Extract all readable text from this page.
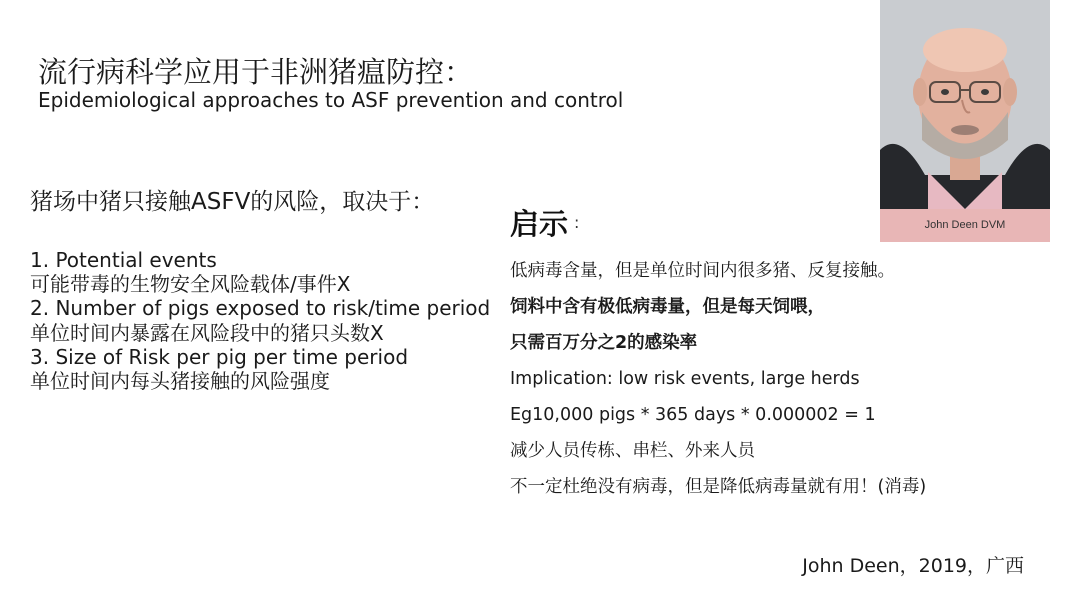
流行病科学应用于非洲猪瘟防控：
Epidemiological approaches to ASF prevention and control
猪场中猪只接触ASFV的风险，取决于：
1. Potential events
可能带毒的生物安全风险载体/事件X
2. Number of pigs exposed to risk/time period
单位时间内暴露在风险段中的猪只头数X
3. Size of Risk per pig per time period
单位时间内每头猪接触的风险强度
启示 :
低病毒含量，但是单位时间内很多猪、反复接触。
饲料中含有极低病毒量，但是每天饲喂，
只需百万分之2的感染率
Implication: low risk events, large herds
Eg10,000 pigs * 365 days * 0.000002 = 1
减少人员传栋、串栏、外来人员
不一定杜绝没有病毒，但是降低病毒量就有用！(消毒)
John Deen DVM
John Deen，2019，广西
